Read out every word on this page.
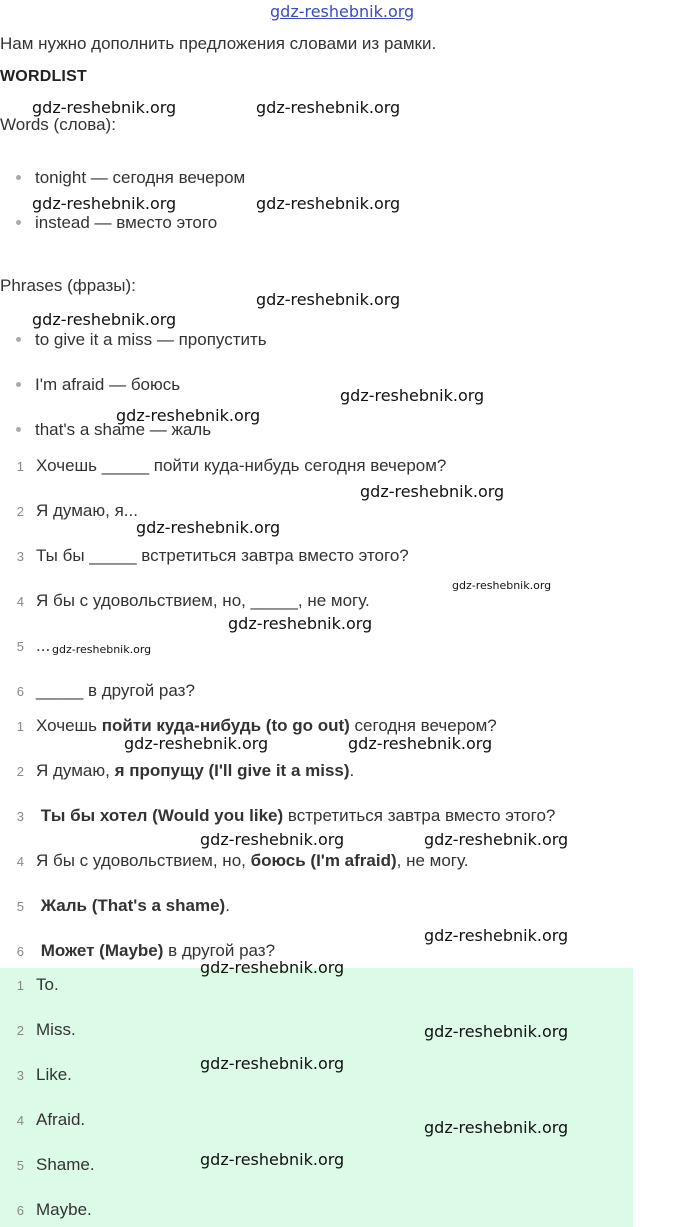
gdz-reshebnik.org
Нам нужно дополнить предложения словами из рамки.
WORDLIST
Words (слова):
tonight — сегодня вечером
instead — вместо этого
Phrases (фразы):
to give it a miss — пропустить
I'm afraid — боюсь
that's a shame — жаль
1 Хочешь _____ пойти куда-нибудь сегодня вечером?
2 Я думаю, я...
3 Ты бы _____ встретиться завтра вместо этого?
4 Я бы с удовольствием, но, _____, не могу.
5 ...
6 _____ в другой раз?
1 Хочешь пойти куда-нибудь (to go out) сегодня вечером?
2 Я думаю, я пропущу (I'll give it a miss).
3 Ты бы хотел (Would you like) встретиться завтра вместо этого?
4 Я бы с удовольствием, но, боюсь (I'm afraid), не могу.
5 Жаль (That's a shame).
6 Может (Maybe) в другой раз?
1 To.
2 Miss.
3 Like.
4 Afraid.
5 Shame.
6 Maybe.
gdz-reshebnik.org	gdz-reshebnik.org
gdz-reshebnik.org	gdz-reshebnik.org
gdz-reshebnik.org
gdz-reshebnik.org
gdz-reshebnik.org
gdz-reshebnik.org
gdz-reshebnik.org
gdz-reshebnik.org
gdz-reshebnik.org
gdz-reshebnik.org
gdz-reshebnik.org
gdz-reshebnik.org	gdz-reshebnik.org
gdz-reshebnik.org	gdz-reshebnik.org
gdz-reshebnik.org
gdz-reshebnik.org
gdz-reshebnik.org
gdz-reshebnik.org
gdz-reshebnik.org
gdz-reshebnik.org
